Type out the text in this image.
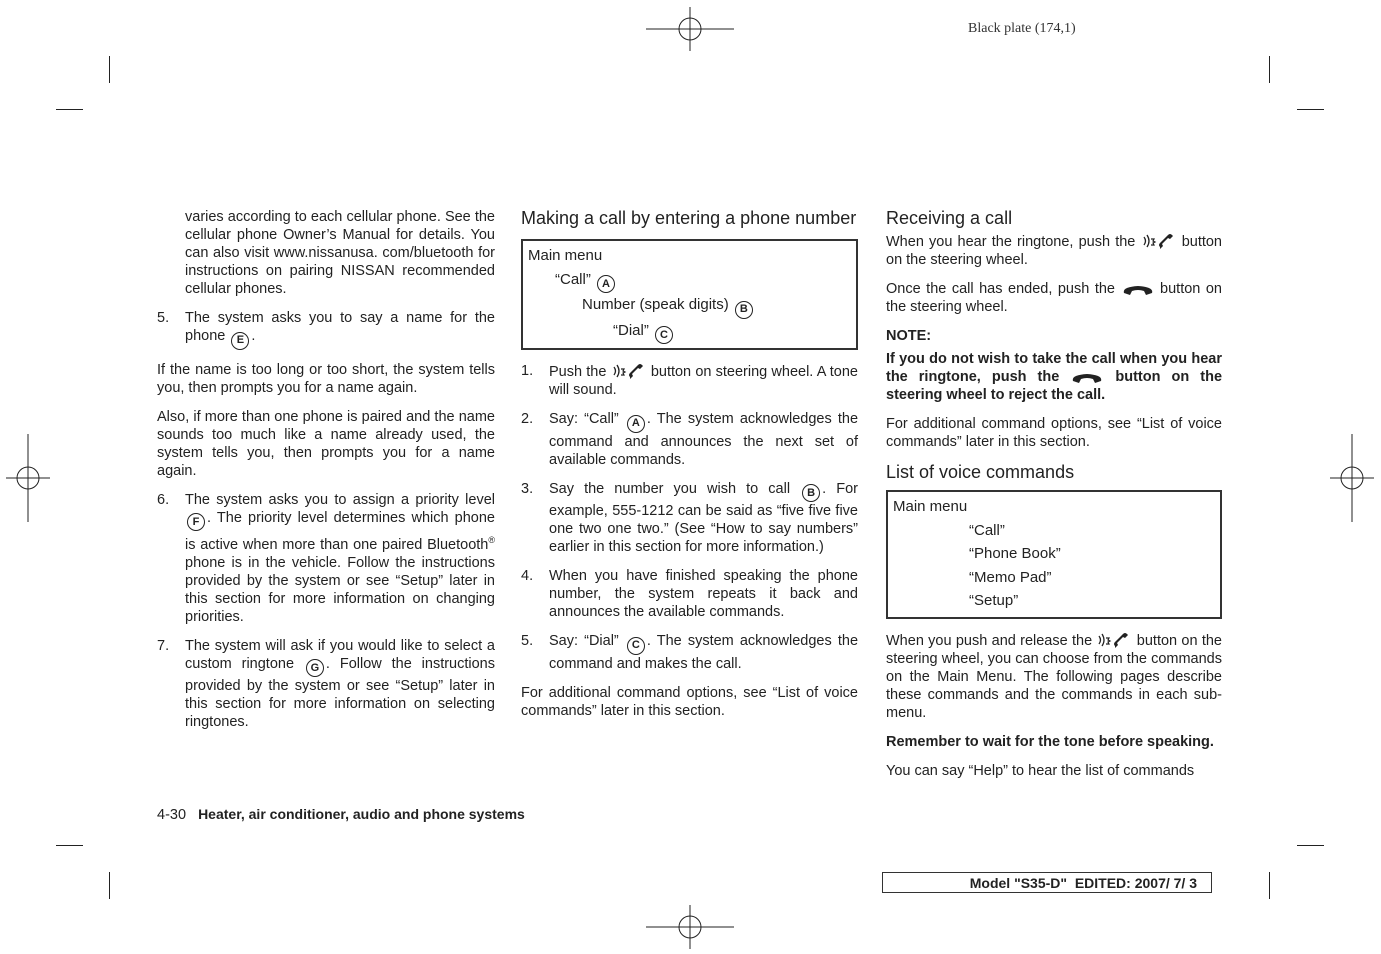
Black plate (174,1)

varies according to each cellular phone. See the cellular phone Owner’s Manual for details. You can also visit www.nissanusa. com/bluetooth for instructions on pairing NISSAN recommended cellular phones.

5.	The system asks you to say a name for the phone E .

If the name is too long or too short, the system tells you, then prompts you for a name again.

Also, if more than one phone is paired and the name sounds too much like a name already used, the system tells you, then prompts you for a name again.

6.	The system asks you to assign a priority level F . The priority level determines which phone is active when more than one paired Bluetooth® phone is in the vehicle. Follow the instructions provided by the system or see “Setup” later in this section for more information on changing priorities.
7.	The system will ask if you would like to select a custom ringtone G . Follow the instructions provided by the system or see “Setup” later in this section for more information on selecting ringtones.
Making a call by entering a phone number
Main menu
“Call” A
Number (speak digits) B
“Dial” C
1.	Push the	button on steering wheel. A tone will sound.
2.	Say: “Call” A . The system acknowledges the command and announces the next set of available commands.
3.	Say the number you wish to call B . For example, 555-1212 can be said as “five five five one two one two.” (See “How to say numbers” earlier in this section for more information.)
4.	When you have finished speaking the phone number, the system repeats it back and announces the available commands.
5.	Say: “Dial” C . The system acknowledges the command and makes the call.

For additional command options, see “List of voice commands” later in this section.

Receiving a call

When you hear the ringtone, push the	button on the steering wheel.

Once the call has ended, push the	button on the steering wheel.

NOTE:

If you do not wish to take the call when you hear the ringtone, push the	button on the steering wheel to reject the call.

For additional command options, see “List of voice commands” later in this section.

List of voice commands
Main menu
“Call”
“Phone Book”
“Memo Pad”
“Setup”

When you push and release the	button on the steering wheel, you can choose from the commands on the Main Menu. The following pages describe these commands and the commands in each sub-menu.

Remember to wait for the tone before speaking.

You can say “Help” to hear the list of commands

4-30 Heater, air conditioner, audio and phone systems
Model "S35-D" EDITED: 2007/ 7/ 3
